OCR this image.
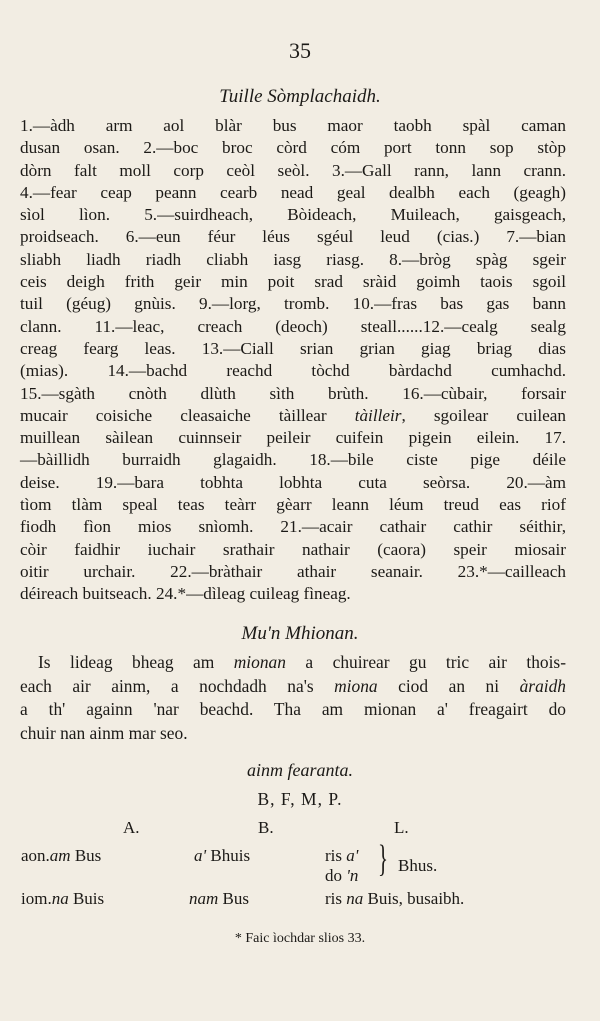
35
Tuille Sòmplachaidh.
1.—àdh arm aol blàr bus maor taobh spàl caman
dusan osan. 2.—boc broc còrd cóm port tonn sop stòp
dòrn falt moll corp ceòl seòl. 3.—Gall rann, lann crann.
4.—fear ceap peann cearb nead geal dealbh each (geagh)
sìol lìon. 5.—suirdheach, Bòideach, Muileach, gaisgeach,
proidseach. 6.—eun féur léus sgéul leud (cias.) 7.—bian
sliabh liadh riadh cliabh iasg riasg. 8.—bròg spàg sgeir
ceis deigh frith geir min poit srad sràid goimh taois sgoil
tuil (géug) gnùis. 9.—lorg, tromb. 10.—fras bas gas bann
clann. 11.—leac, creach (deoch) steall......12.—cealg sealg
creag fearg leas. 13.—Ciall srian grian giag briag dias
(mias). 14.—bachd reachd tòchd bàrdachd cumhachd.
15.—sgàth cnòth dlùth sìth brùth. 16.—cùbair, forsair
mucair coisiche cleasaiche tàillear tàilleir, sgoilear cuilean
muillean sàilean cuinnseir peileir cuifein pigein eilein. 17.
—bàillidh burraidh glagaidh. 18.—bile ciste pige déile
deise. 19.—bara tobhta lobhta cuta seòrsa. 20.—àm
tìom tlàm speal teas teàrr gèarr leann léum treud eas riof
fiodh fìon mios snìomh. 21.—acair cathair cathir séithir,
còir faidhir iuchair srathair nathair (caora) speir miosair
oitir urchair. 22.—bràthair athair seanair. 23.*—cailleach
déireach buitseach. 24.*—dìleag cuileag fìneag.
Mu'n Mhionan.
Is lideag bheag am mionan a chuirear gu tric air thois-
each air ainm, a nochdadh na's miona ciod an ni àraidh
a th' againn 'nar beachd. Tha am mionan a' freagairt do
chuir nan ainm mar seo.
ainm fearanta.
B, F, M, P.
A.	B.	L.
aon.am Bus	a' Bhuis	ris a'
do 'n } Bhus.
iom.na Buis	nam Bus	ris na Buis, busaibh.
* Faic ìochdar slios 33.
